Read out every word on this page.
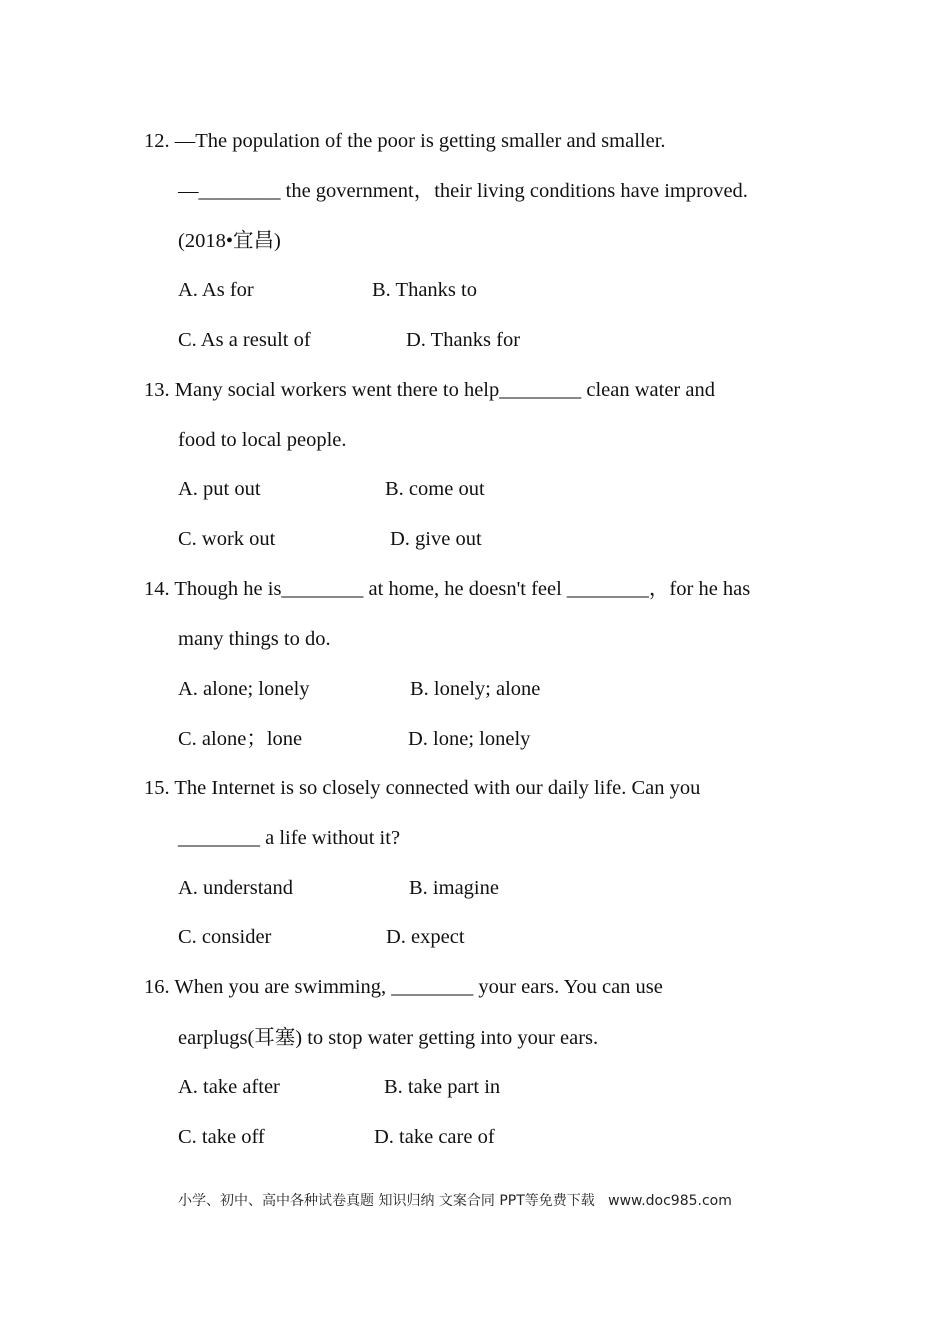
12. —The population of the poor is getting smaller and smaller.

—________ the government，their living conditions have improved.

(2018•宜昌)

A. As for	B. Thanks to

C. As a result of	D. Thanks for

13. Many social workers went there to help________ clean water and

food to local people.

A. put out	B. come out

C. work out	D. give out

14. Though he is________ at home, he doesn't feel ________，for he has

many things to do.

A. alone; lonely	B. lonely; alone

C. alone；lone	D. lone; lonely

15. The Internet is so closely connected with our daily life. Can you

________ a life without it?

A. understand	B. imagine

C. consider	D. expect

16. When you are swimming, ________ your ears. You can use

earplugs(耳塞) to stop water getting into your ears.

A. take after	B. take part in

C. take off	D. take care of

小学、初中、高中各种试卷真题 知识归纳 文案合同 PPT等免费下载   www.doc985.com
